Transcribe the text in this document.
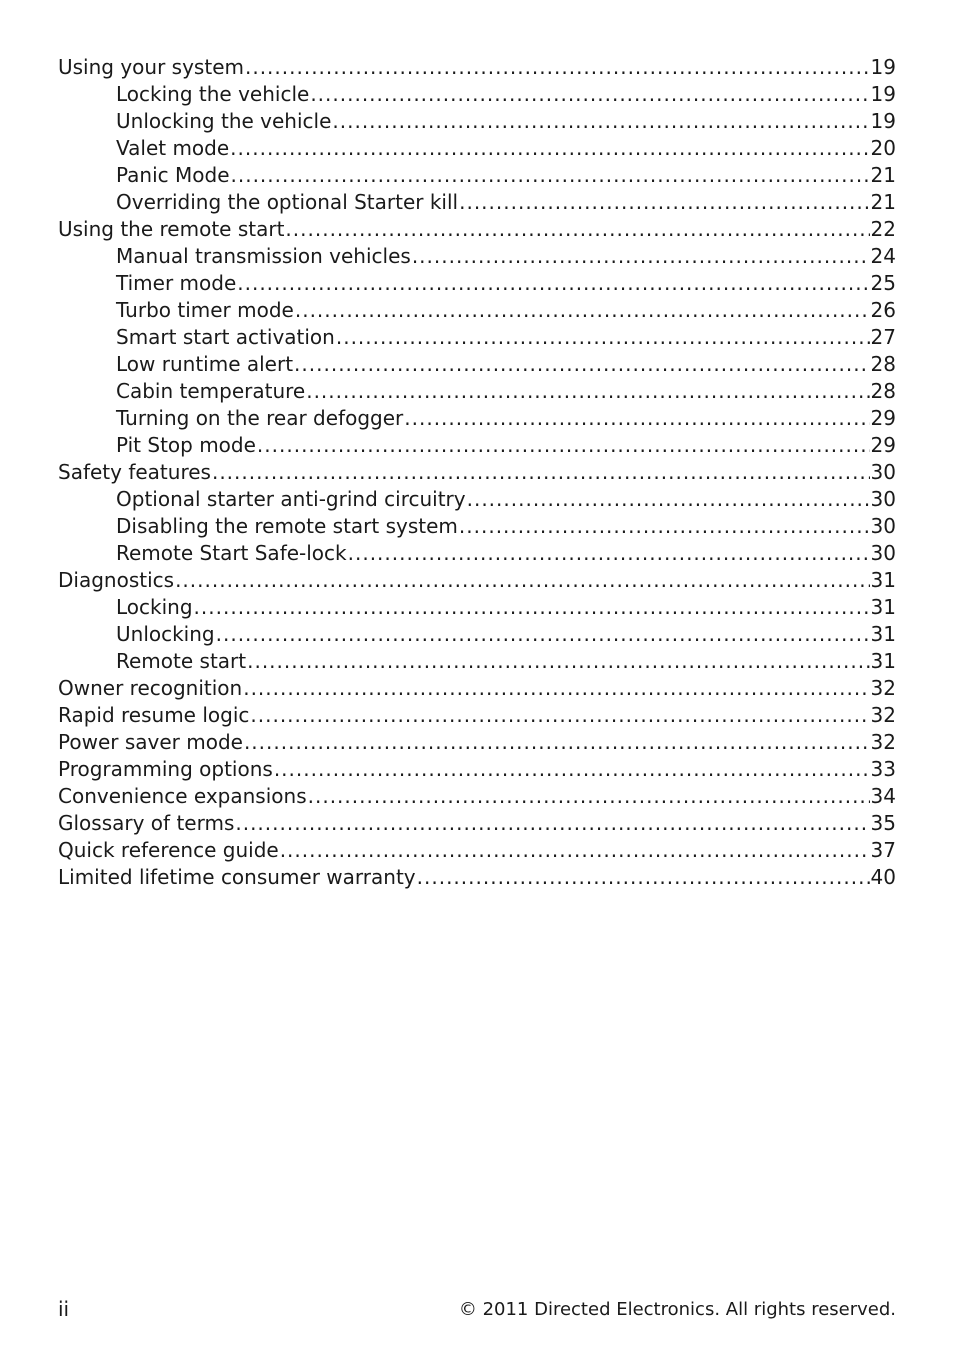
Using your system .....	19
Locking the vehicle .....	19
Unlocking the vehicle .....	19
Valet mode .....	20
Panic Mode .....	21
Overriding the optional Starter kill .....	21
Using the remote start .....	22
Manual transmission vehicles .....	24
Timer mode .....	25
Turbo timer mode .....	26
Smart start activation .....	27
Low runtime alert .....	28
Cabin temperature .....	28
Turning on the rear defogger .....	29
Pit Stop mode .....	29
Safety features .....	30
Optional starter anti-grind circuitry .....	30
Disabling the remote start system .....	30
Remote Start Safe-lock .....	30
Diagnostics .....	31
Locking .....	31
Unlocking .....	31
Remote start .....	31
Owner recognition .....	32
Rapid resume logic .....	32
Power saver mode .....	32
Programming options .....	33
Convenience expansions .....	34
Glossary of terms .....	35
Quick reference guide .....	37
Limited lifetime consumer warranty .....	40
ii	© 2011 Directed Electronics. All rights reserved.
